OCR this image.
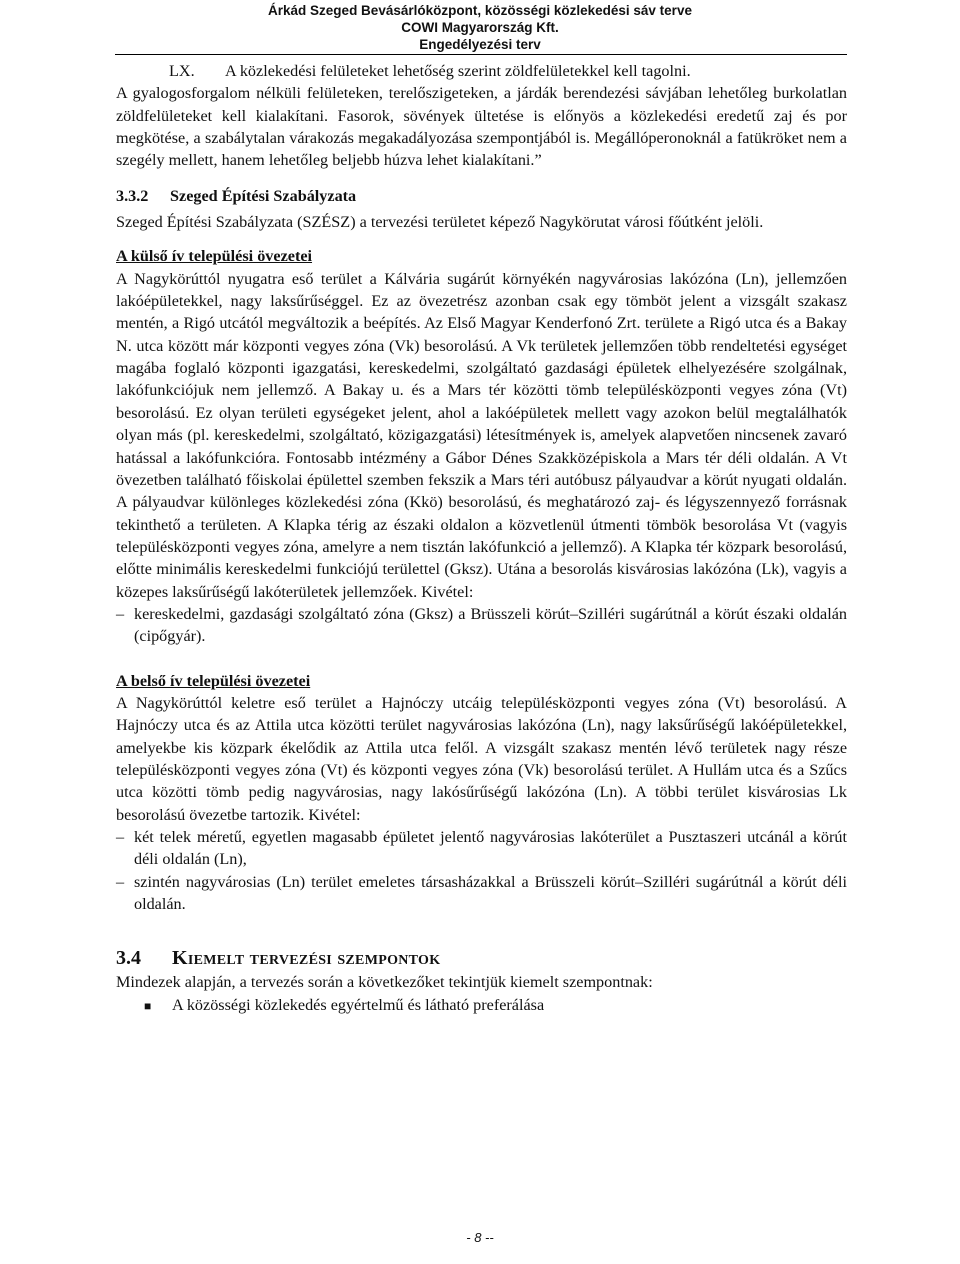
Árkád Szeged Bevásárlóközpont, közösségi közlekedési sáv terve
COWI Magyarország Kft.
Engedélyezési terv
LX.	A közlekedési felületeket lehetőség szerint zöldfelületekkel kell tagolni.

A gyalogosforgalom nélküli felületeken, terelőszigeteken, a járdák berendezési sávjában lehetőleg burkolatlan zöldfelületeket kell kialakítani. Fasorok, sövények ültetése is előnyös a közlekedési eredetű zaj és por megkötése, a szabálytalan várakozás megakadályozása szempontjából is. Megállóperonoknál a fatükröket nem a szegély mellett, hanem lehetőleg beljebb húzva lehet kialakítani.”

3.3.2 Szeged Építési Szabályzata

Szeged Építési Szabályzata (SZÉSZ) a tervezési területet képező Nagykörutat városi főútként jelöli.

A külső ív települési övezetei

A Nagykörúttól nyugatra eső terület a Kálvária sugárút környékén nagyvárosias lakózóna (Ln), jellemzően lakóépületekkel, nagy laksűrűséggel. Ez az övezetrész azonban csak egy tömböt jelent a vizsgált szakasz mentén, a Rigó utcától megváltozik a beépítés. Az Első Magyar Kenderfonó Zrt. területe a Rigó utca és a Bakay N. utca között már központi vegyes zóna (Vk) besorolású. A Vk területek jellemzően több rendeltetési egységet magába foglaló központi igazgatási, kereskedelmi, szolgáltató gazdasági épületek elhelyezésére szolgálnak, lakófunkciójuk nem jellemző. A Bakay u. és a Mars tér közötti tömb településközponti vegyes zóna (Vt) besorolású. Ez olyan területi egységeket jelent, ahol a lakóépületek mellett vagy azokon belül megtalálhatók olyan más (pl. kereskedelmi, szolgáltató, közigazgatási) létesítmények is, amelyek alapvetően nincsenek zavaró hatással a lakófunkcióra. Fontosabb intézmény a Gábor Dénes Szakközépiskola a Mars tér déli oldalán. A Vt övezetben található főiskolai épülettel szemben fekszik a Mars téri autóbusz pályaudvar a körút nyugati oldalán. A pályaudvar különleges közlekedési zóna (Kkö) besorolású, és meghatározó zaj- és légyszennyező forrásnak tekinthető a területen. A Klapka térig az északi oldalon a közvetlenül útmenti tömbök besorolása Vt (vagyis településközponti vegyes zóna, amelyre a nem tisztán lakófunkció a jellemző). A Klapka tér közpark besorolású, előtte minimális kereskedelmi funkciójú területtel (Gksz). Utána a besorolás kisvárosias lakózóna (Lk), vagyis a közepes laksűrűségű lakóterületek jellemzőek. Kivétel:

– kereskedelmi, gazdasági szolgáltató zóna (Gksz) a Brüsszeli körút–Szilléri sugárútnál a körút északi oldalán (cipőgyár).
A belső ív települési övezetei

A Nagykörúttól keletre eső terület a Hajnóczy utcáig településközponti vegyes zóna (Vt) besorolású. A Hajnóczy utca és az Attila utca közötti terület nagyvárosias lakózóna (Ln), nagy laksűrűségű lakóépületekkel, amelyekbe kis közpark ékelődik az Attila utca felől. A vizsgált szakasz mentén lévő területek nagy része településközponti vegyes zóna (Vt) és központi vegyes zóna (Vk) besorolású terület. A Hullám utca és a Szűcs utca közötti tömb pedig nagyvárosias, nagy lakósűrűségű lakózóna (Ln). A többi terület kisvárosias Lk besorolású övezetbe tartozik. Kivétel:

– két telek méretű, egyetlen magasabb épületet jelentő nagyvárosias lakóterület a Pusztaszeri utcánál a körút déli oldalán (Ln),
– szintén nagyvárosias (Ln) terület emeletes társasházakkal a Brüsszeli körút–Szilléri sugárútnál a körút déli oldalán.
3.4 Kiemelt tervezési szempontok

Mindezek alapján, a tervezés során a következőket tekintjük kiemelt szempontnak:

■	A közösségi közlekedés egyértelmű és látható preferálása
- 8 --
